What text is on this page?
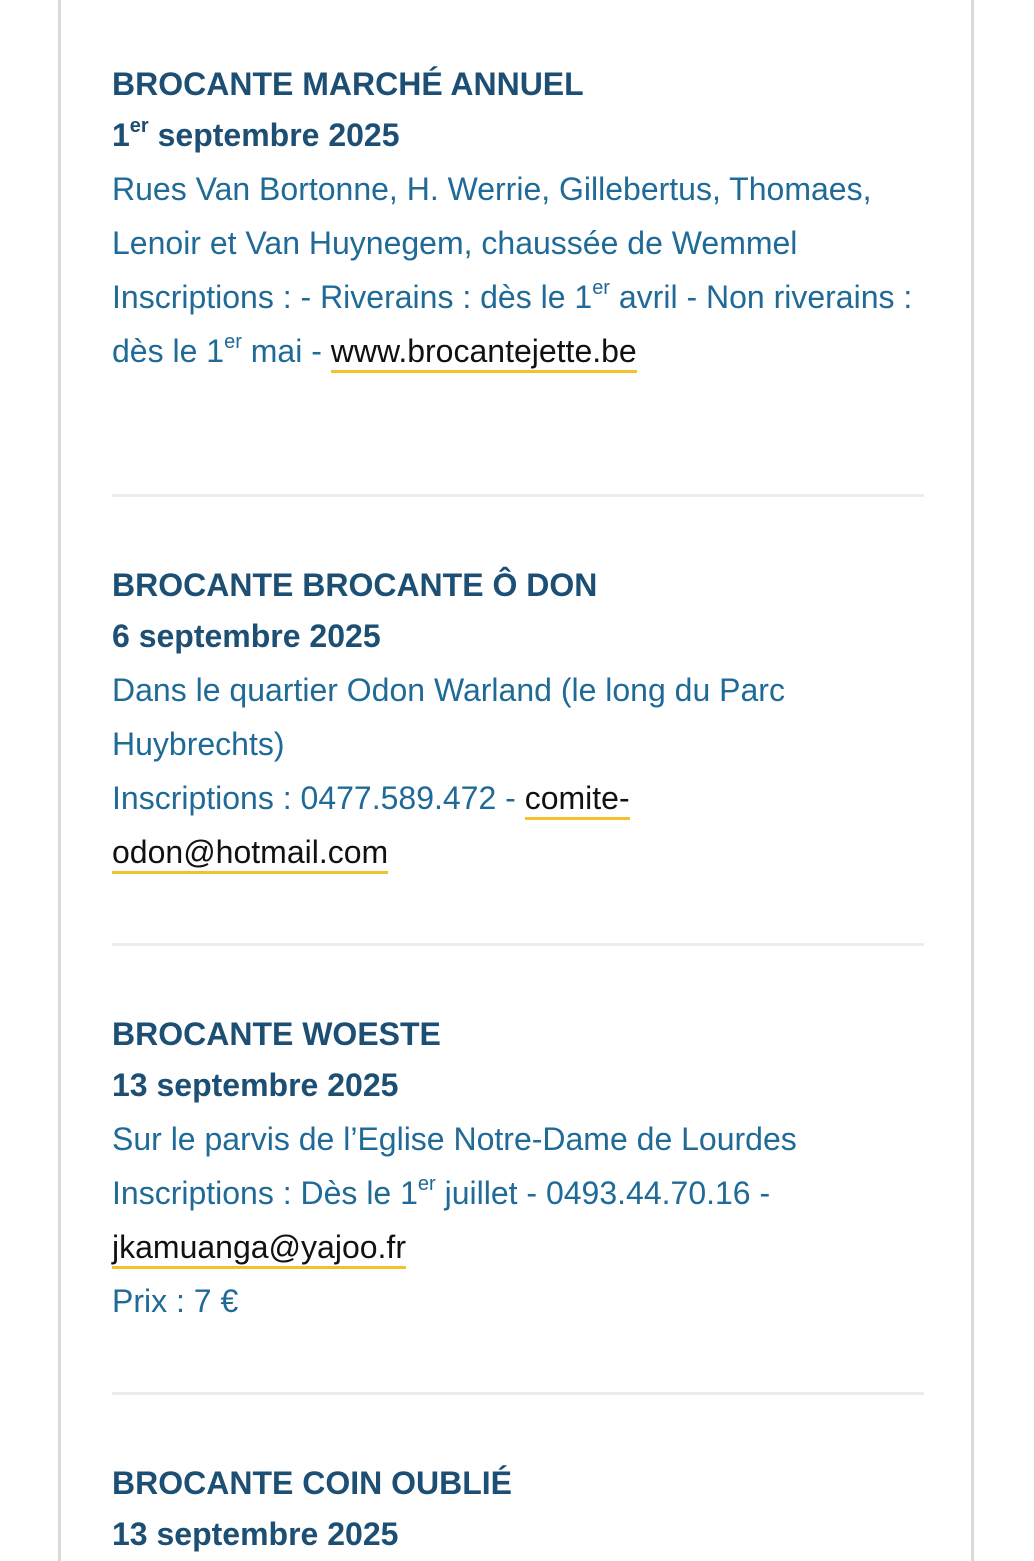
BROCANTE MARCHÉ ANNUEL

1er septembre 2025

Rues Van Bortonne, H. Werrie, Gillebertus, Thomaes, Lenoir et Van Huynegem, chaussée de Wemmel

Inscriptions : - Riverains : dès le 1er avril - Non riverains : dès le 1er mai - www.brocantejette.be

BROCANTE BROCANTE Ô DON

6 septembre 2025

Dans le quartier Odon Warland (le long du Parc Huybrechts)

Inscriptions : 0477.589.472 - comite-odon@hotmail.com

BROCANTE WOESTE

13 septembre 2025

Sur le parvis de l’Eglise Notre-Dame de Lourdes

Inscriptions : Dès le 1er juillet - 0493.44.70.16 - jkamuanga@yajoo.fr

Prix : 7 €

BROCANTE COIN OUBLIÉ

13 septembre 2025
